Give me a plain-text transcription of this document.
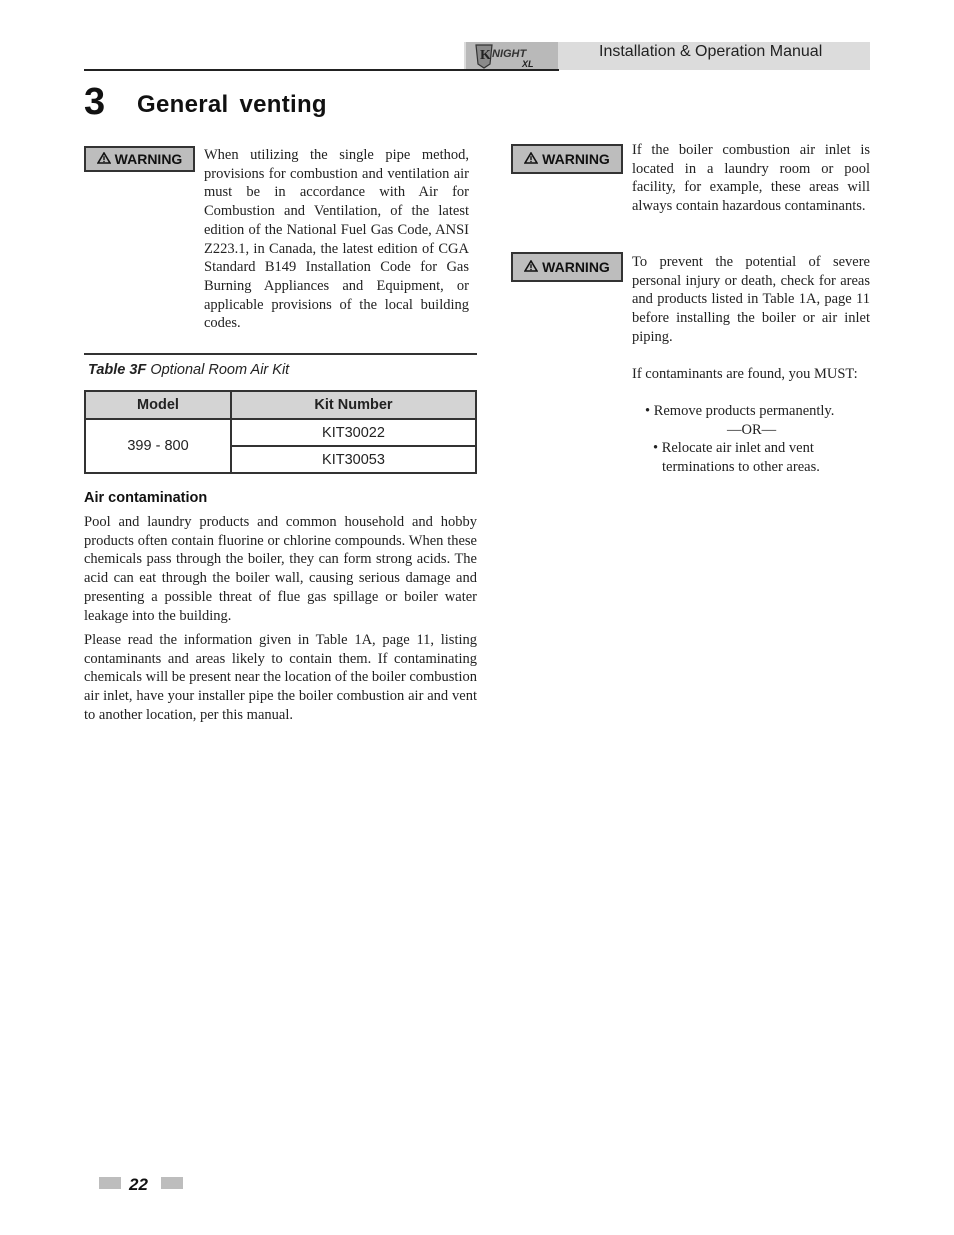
K NIGHT
XL
Installation & Operation Manual
3 General venting
WARNING When utilizing the single pipe method, provisions for combustion and ventilation air must be in accordance with Air for Combustion and Ventilation, of the latest edition of the National Fuel Gas Code, ANSI Z223.1, in Canada, the latest edition of CGA Standard B149 Installation Code for Gas Burning Appliances and Equipment, or applicable provisions of the local building codes.

Table 3F Optional Room Air Kit
Model	Kit Number
399 - 800	KIT30022
	KIT30053
Air contamination

Pool and laundry products and common household and hobby products often contain fluorine or chlorine compounds. When these chemicals pass through the boiler, they can form strong acids. The acid can eat through the boiler wall, causing serious damage and presenting a possible threat of flue gas spillage or boiler water leakage into the building.

Please read the information given in Table 1A, page 11, listing contaminants and areas likely to contain them. If contaminating chemicals will be present near the location of the boiler combustion air inlet, have your installer pipe the boiler combustion air and vent to another location, per this manual.

WARNING

If the boiler combustion air inlet is located in a laundry room or pool facility, for example, these areas will always contain hazardous contaminants.

WARNING To prevent the potential of severe personal injury or death, check for areas and products listed in Table 1A, page 11 before installing the boiler or air inlet piping.

If contaminants are found, you MUST:

• Remove products permanently.
—OR—
• Relocate air inlet and vent terminations to other areas.
22
